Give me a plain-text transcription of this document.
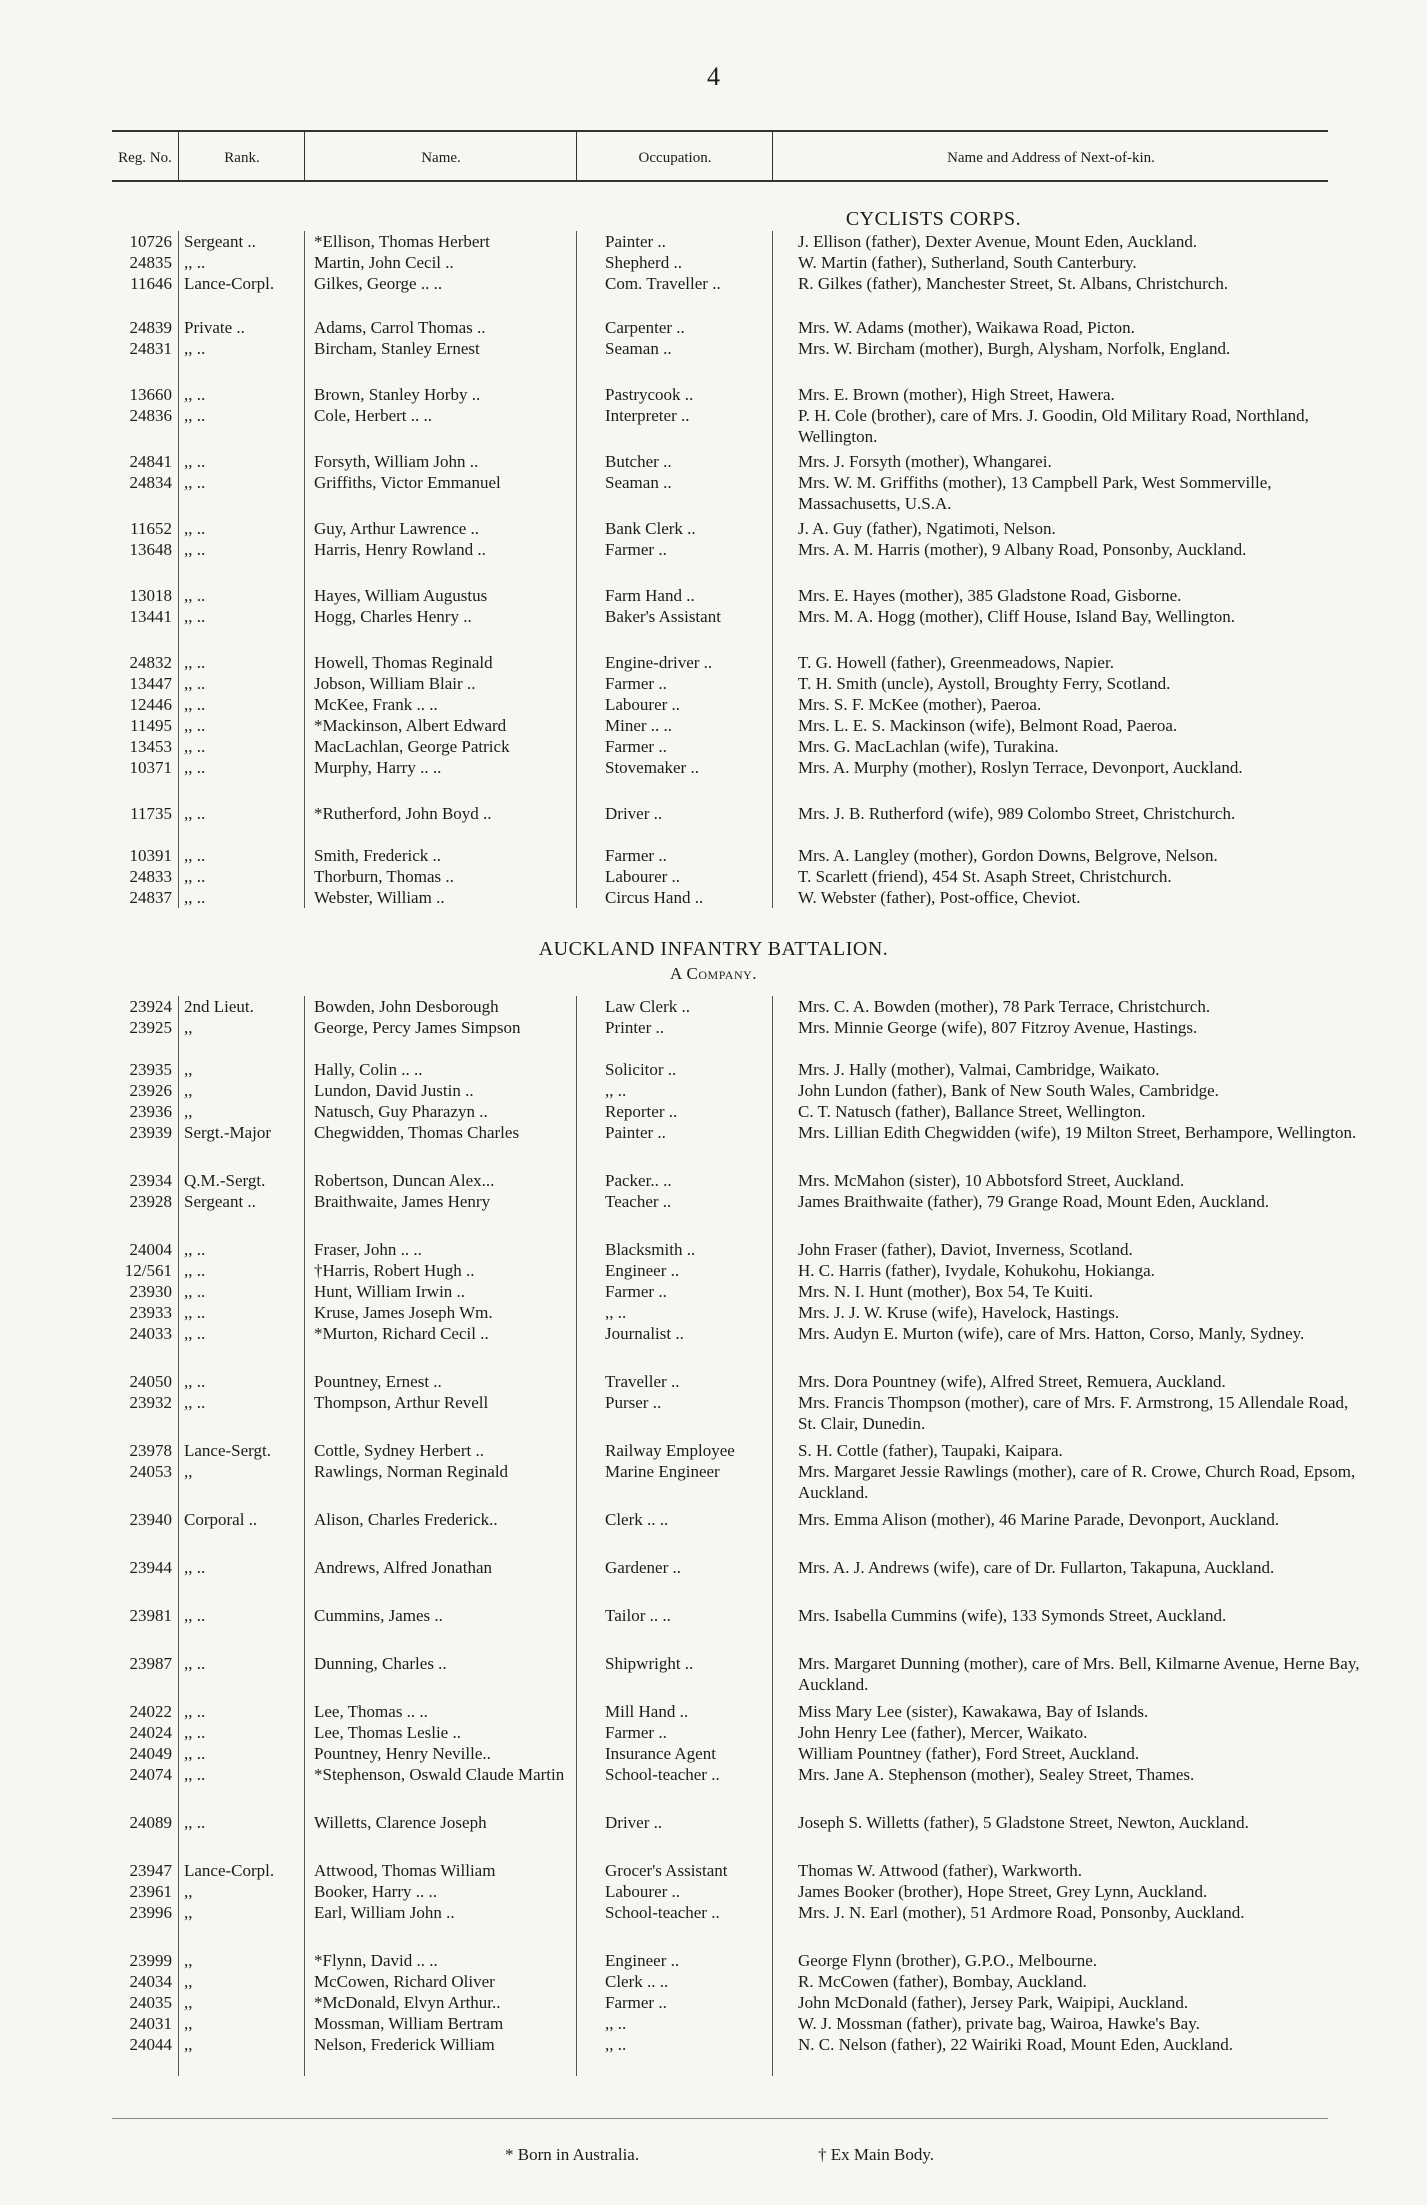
4
Reg. No.	Rank.	Name.	Occupation.	Name and Address of Next-of-kin.
CYCLISTS CORPS.
10726 Sergeant ..	*Ellison, Thomas Herbert	Painter ..	J. Ellison (father), Dexter Avenue, Mount Eden, Auckland.
24835 ,, ..	Martin, John Cecil ..	Shepherd ..	W. Martin (father), Sutherland, South Canterbury.
11646 Lance-Corpl.	Gilkes, George .. ..	Com. Traveller ..	R. Gilkes (father), Manchester Street, St. Albans, Christchurch.
24839 Private ..	Adams, Carrol Thomas ..	Carpenter ..	Mrs. W. Adams (mother), Waikawa Road, Picton.
24831 ,, ..	Bircham, Stanley Ernest	Seaman ..	Mrs. W. Bircham (mother), Burgh, Alysham, Norfolk, England.
13660 ,, ..	Brown, Stanley Horby ..	Pastrycook ..	Mrs. E. Brown (mother), High Street, Hawera.
24836 ,, ..	Cole, Herbert .. ..	Interpreter ..	P. H. Cole (brother), care of Mrs. J. Goodin, Old Military Road, Northland, Wellington.
24841 ,, ..	Forsyth, William John ..	Butcher ..	Mrs. J. Forsyth (mother), Whangarei.
24834 ,, ..	Griffiths, Victor Emmanuel	Seaman ..	Mrs. W. M. Griffiths (mother), 13 Campbell Park, West Sommerville, Massachusetts, U.S.A.
11652 ,, ..	Guy, Arthur Lawrence ..	Bank Clerk ..	J. A. Guy (father), Ngatimoti, Nelson.
13648 ,, ..	Harris, Henry Rowland ..	Farmer ..	Mrs. A. M. Harris (mother), 9 Albany Road, Ponsonby, Auckland.
13018 ,, ..	Hayes, William Augustus	Farm Hand ..	Mrs. E. Hayes (mother), 385 Gladstone Road, Gisborne.
13441 ,, ..	Hogg, Charles Henry ..	Baker's Assistant	Mrs. M. A. Hogg (mother), Cliff House, Island Bay, Wellington.
24832 ,, ..	Howell, Thomas Reginald	Engine-driver ..	T. G. Howell (father), Greenmeadows, Napier.
13447 ,, ..	Jobson, William Blair ..	Farmer ..	T. H. Smith (uncle), Aystoll, Broughty Ferry, Scotland.
12446 ,, ..	McKee, Frank .. ..	Labourer ..	Mrs. S. F. McKee (mother), Paeroa.
11495 ,, ..	*Mackinson, Albert Edward	Miner .. ..	Mrs. L. E. S. Mackinson (wife), Belmont Road, Paeroa.
13453 ,, ..	MacLachlan, George Patrick	Farmer ..	Mrs. G. MacLachlan (wife), Turakina.
10371 ,, ..	Murphy, Harry .. ..	Stovemaker ..	Mrs. A. Murphy (mother), Roslyn Terrace, Devonport, Auckland.
11735 ,, ..	*Rutherford, John Boyd ..	Driver ..	Mrs. J. B. Rutherford (wife), 989 Colombo Street, Christchurch.
10391 ,, ..	Smith, Frederick ..	Farmer ..	Mrs. A. Langley (mother), Gordon Downs, Belgrove, Nelson.
24833 ,, ..	Thorburn, Thomas ..	Labourer ..	T. Scarlett (friend), 454 St. Asaph Street, Christchurch.
24837 ,, ..	Webster, William ..	Circus Hand ..	W. Webster (father), Post-office, Cheviot.
AUCKLAND INFANTRY BATTALION.
A Company.
23924 2nd Lieut.	Bowden, John Desborough	Law Clerk ..	Mrs. C. A. Bowden (mother), 78 Park Terrace, Christchurch.
23925 ,,	George, Percy James Simpson	Printer ..	Mrs. Minnie George (wife), 807 Fitzroy Avenue, Hastings.
23935 ,,	Hally, Colin .. ..	Solicitor ..	Mrs. J. Hally (mother), Valmai, Cambridge, Waikato.
23926 ,,	Lundon, David Justin ..	,, ..	John Lundon (father), Bank of New South Wales, Cambridge.
23936 ,,	Natusch, Guy Pharazyn ..	Reporter ..	C. T. Natusch (father), Ballance Street, Wellington.
23939 Sergt.-Major	Chegwidden, Thomas Charles	Painter ..	Mrs. Lillian Edith Chegwidden (wife), 19 Milton Street, Berhampore, Wellington.
23934 Q.M.-Sergt.	Robertson, Duncan Alex...	Packer.. ..	Mrs. McMahon (sister), 10 Abbotsford Street, Auckland.
23928 Sergeant ..	Braithwaite, James Henry	Teacher ..	James Braithwaite (father), 79 Grange Road, Mount Eden, Auckland.
24004 ,, ..	Fraser, John .. ..	Blacksmith ..	John Fraser (father), Daviot, Inverness, Scotland.
12/561 ,, ..	†Harris, Robert Hugh ..	Engineer ..	H. C. Harris (father), Ivydale, Kohukohu, Hokianga.
23930 ,, ..	Hunt, William Irwin ..	Farmer ..	Mrs. N. I. Hunt (mother), Box 54, Te Kuiti.
23933 ,, ..	Kruse, James Joseph Wm.	,, ..	Mrs. J. J. W. Kruse (wife), Havelock, Hastings.
24033 ,, ..	*Murton, Richard Cecil ..	Journalist ..	Mrs. Audyn E. Murton (wife), care of Mrs. Hatton, Corso, Manly, Sydney.
24050 ,, ..	Pountney, Ernest ..	Traveller ..	Mrs. Dora Pountney (wife), Alfred Street, Remuera, Auckland.
23932 ,, ..	Thompson, Arthur Revell	Purser ..	Mrs. Francis Thompson (mother), care of Mrs. F. Armstrong, 15 Allendale Road, St. Clair, Dunedin.
23978 Lance-Sergt.	Cottle, Sydney Herbert ..	Railway Employee	S. H. Cottle (father), Taupaki, Kaipara.
24053 ,,	Rawlings, Norman Reginald	Marine Engineer	Mrs. Margaret Jessie Rawlings (mother), care of R. Crowe, Church Road, Epsom, Auckland.
23940 Corporal ..	Alison, Charles Frederick..	Clerk .. ..	Mrs. Emma Alison (mother), 46 Marine Parade, Devonport, Auckland.
23944 ,, ..	Andrews, Alfred Jonathan	Gardener ..	Mrs. A. J. Andrews (wife), care of Dr. Fullarton, Takapuna, Auckland.
23981 ,, ..	Cummins, James ..	Tailor .. ..	Mrs. Isabella Cummins (wife), 133 Symonds Street, Auckland.
23987 ,, ..	Dunning, Charles ..	Shipwright ..	Mrs. Margaret Dunning (mother), care of Mrs. Bell, Kilmarne Avenue, Herne Bay, Auckland.
24022 ,, ..	Lee, Thomas .. ..	Mill Hand ..	Miss Mary Lee (sister), Kawakawa, Bay of Islands.
24024 ,, ..	Lee, Thomas Leslie ..	Farmer ..	John Henry Lee (father), Mercer, Waikato.
24049 ,, ..	Pountney, Henry Neville..	Insurance Agent	William Pountney (father), Ford Street, Auckland.
24074 ,, ..	*Stephenson, Oswald Claude Martin	School-teacher ..	Mrs. Jane A. Stephenson (mother), Sealey Street, Thames.
24089 ,, ..	Willetts, Clarence Joseph	Driver ..	Joseph S. Willetts (father), 5 Gladstone Street, Newton, Auckland.
23947 Lance-Corpl.	Attwood, Thomas William	Grocer's Assistant	Thomas W. Attwood (father), Warkworth.
23961 ,,	Booker, Harry .. ..	Labourer ..	James Booker (brother), Hope Street, Grey Lynn, Auckland.
23996 ,,	Earl, William John ..	School-teacher ..	Mrs. J. N. Earl (mother), 51 Ardmore Road, Ponsonby, Auckland.
23999 ,,	*Flynn, David .. ..	Engineer ..	George Flynn (brother), G.P.O., Melbourne.
24034 ,,	McCowen, Richard Oliver	Clerk .. ..	R. McCowen (father), Bombay, Auckland.
24035 ,,	*McDonald, Elvyn Arthur..	Farmer ..	John McDonald (father), Jersey Park, Waipipi, Auckland.
24031 ,,	Mossman, William Bertram	,, ..	W. J. Mossman (father), private bag, Wairoa, Hawke's Bay.
24044 ,,	Nelson, Frederick William	,, ..	N. C. Nelson (father), 22 Wairiki Road, Mount Eden, Auckland.
* Born in Australia.	† Ex Main Body.
